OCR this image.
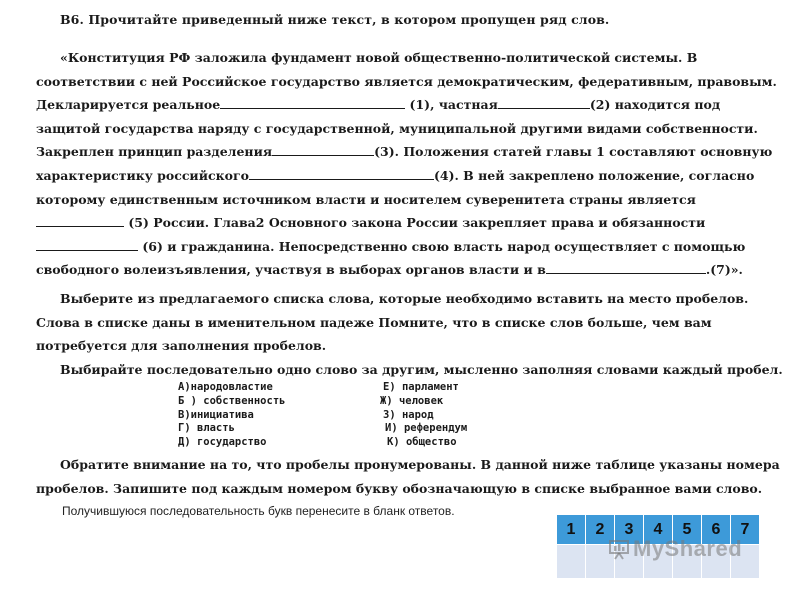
B6. Прочитайте приведенный ниже текст, в котором пропущен ряд слов.
«Конституция РФ заложила фундамент новой общественно-политической системы. В соответствии с ней Российское государство является демократическим, федеративным, правовым. Декларируется реальное	(1), частная	(2) находится под защитой государства наряду с государственной, муниципальной другими видами собственности. Закреплен принцип разделения	(3). Положения статей главы 1 составляют основную характеристику российского	(4). В ней закреплено положение, согласно которому единственным источником власти и носителем суверенитета страны является  (5) России. Глава2 Основного закона России закрепляет права и обязанности  (6) и гражданина. Непосредственно свою власть народ осуществляет с помощью свободного волеизъявления, участвуя в выборах органов власти и в	.(7)».
Выберите из предлагаемого списка слова, которые необходимо вставить на место пробелов. Слова в списке даны в именительном падеже Помните, что в списке слов больше, чем вам потребуется для заполнения пробелов.
Выбирайте последовательно одно слово за другим, мысленно заполняя словами каждый пробел.
А)народовластие	Е) парламент
Б ) собственность	Ж) человек
В)инициатива	З) народ
Г) власть	И) референдум
Д) государство	К) общество
Обратите внимание на то, что пробелы пронумерованы. В данной ниже таблице указаны номера пробелов. Запишите под каждым номером букву обозначающую в списке выбранное вами слово.
Получившуюся последовательность букв перенесите в бланк ответов.
1	2	3	4	5	6	7

MyShared
